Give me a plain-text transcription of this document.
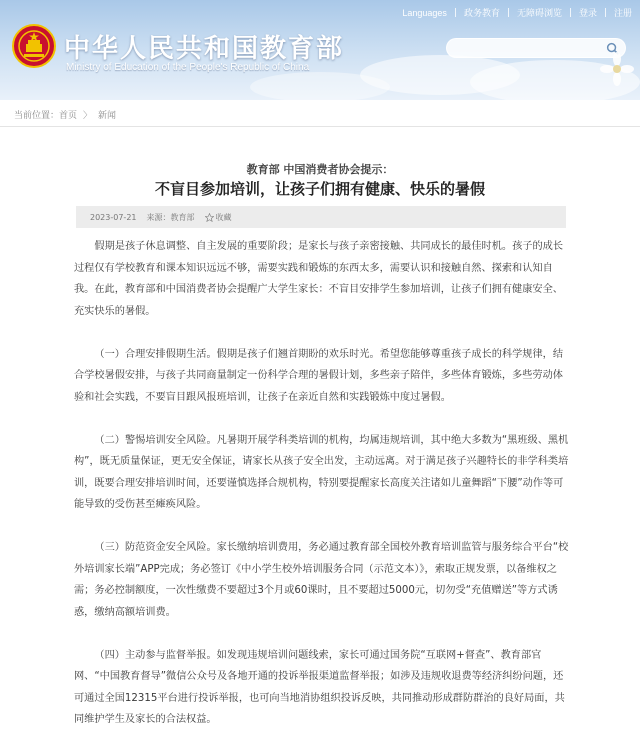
中华人民共和国教育部
Ministry of Education of the People's Republic of China
Languages 政务教育 无障碍浏览 登录 注册
当前位置： 首页 〉 新闻
教育部 中国消费者协会提示：
不盲目参加培训，让孩子们拥有健康、快乐的暑假
2023-07-21 来源：教育部	收藏

假期是孩子休息调整、自主发展的重要阶段；是家长与孩子亲密接触、共同成长的最佳时机。孩子的成长过程仅有学校教育和课本知识远远不够，需要实践和锻炼的东西太多，需要认识和接触自然、探索和认知自我。在此，教育部和中国消费者协会提醒广大学生家长：不盲目安排学生参加培训，让孩子们拥有健康安全、充实快乐的暑假。

（一）合理安排假期生活。假期是孩子们翘首期盼的欢乐时光。希望您能够尊重孩子成长的科学规律，结合学校暑假安排，与孩子共同商量制定一份科学合理的暑假计划，多些亲子陪伴，多些体育锻炼，多些劳动体验和社会实践，不要盲目跟风报班培训，让孩子在亲近自然和实践锻炼中度过暑假。

（二）警惕培训安全风险。凡暑期开展学科类培训的机构，均属违规培训，其中绝大多数为“黑班级、黑机构”，既无质量保证，更无安全保证，请家长从孩子安全出发，主动远离。对于满足孩子兴趣特长的非学科类培训，既要合理安排培训时间，还要谨慎选择合规机构，特别要提醒家长高度关注诸如儿童舞蹈“下腰”动作等可能导致的受伤甚至瘫痪风险。

（三）防范资金安全风险。家长缴纳培训费用，务必通过教育部全国校外教育培训监管与服务综合平台“校外培训家长端”APP完成；务必签订《中小学生校外培训服务合同（示范文本）》，索取正规发票，以备维权之需；务必控制额度，一次性缴费不要超过3个月或60课时，且不要超过5000元，切勿受“充值赠送”等方式诱惑，缴纳高额培训费。

（四）主动参与监督举报。如发现违规培训问题线索，家长可通过国务院“互联网+督查”、教育部官网、“中国教育督导”微信公众号及各地开通的投诉举报渠道监督举报；如涉及违规收退费等经济纠纷问题，还可通过全国12315平台进行投诉举报，也可向当地消协组织投诉反映，共同推动形成群防群治的良好局面，共同维护学生及家长的合法权益。
